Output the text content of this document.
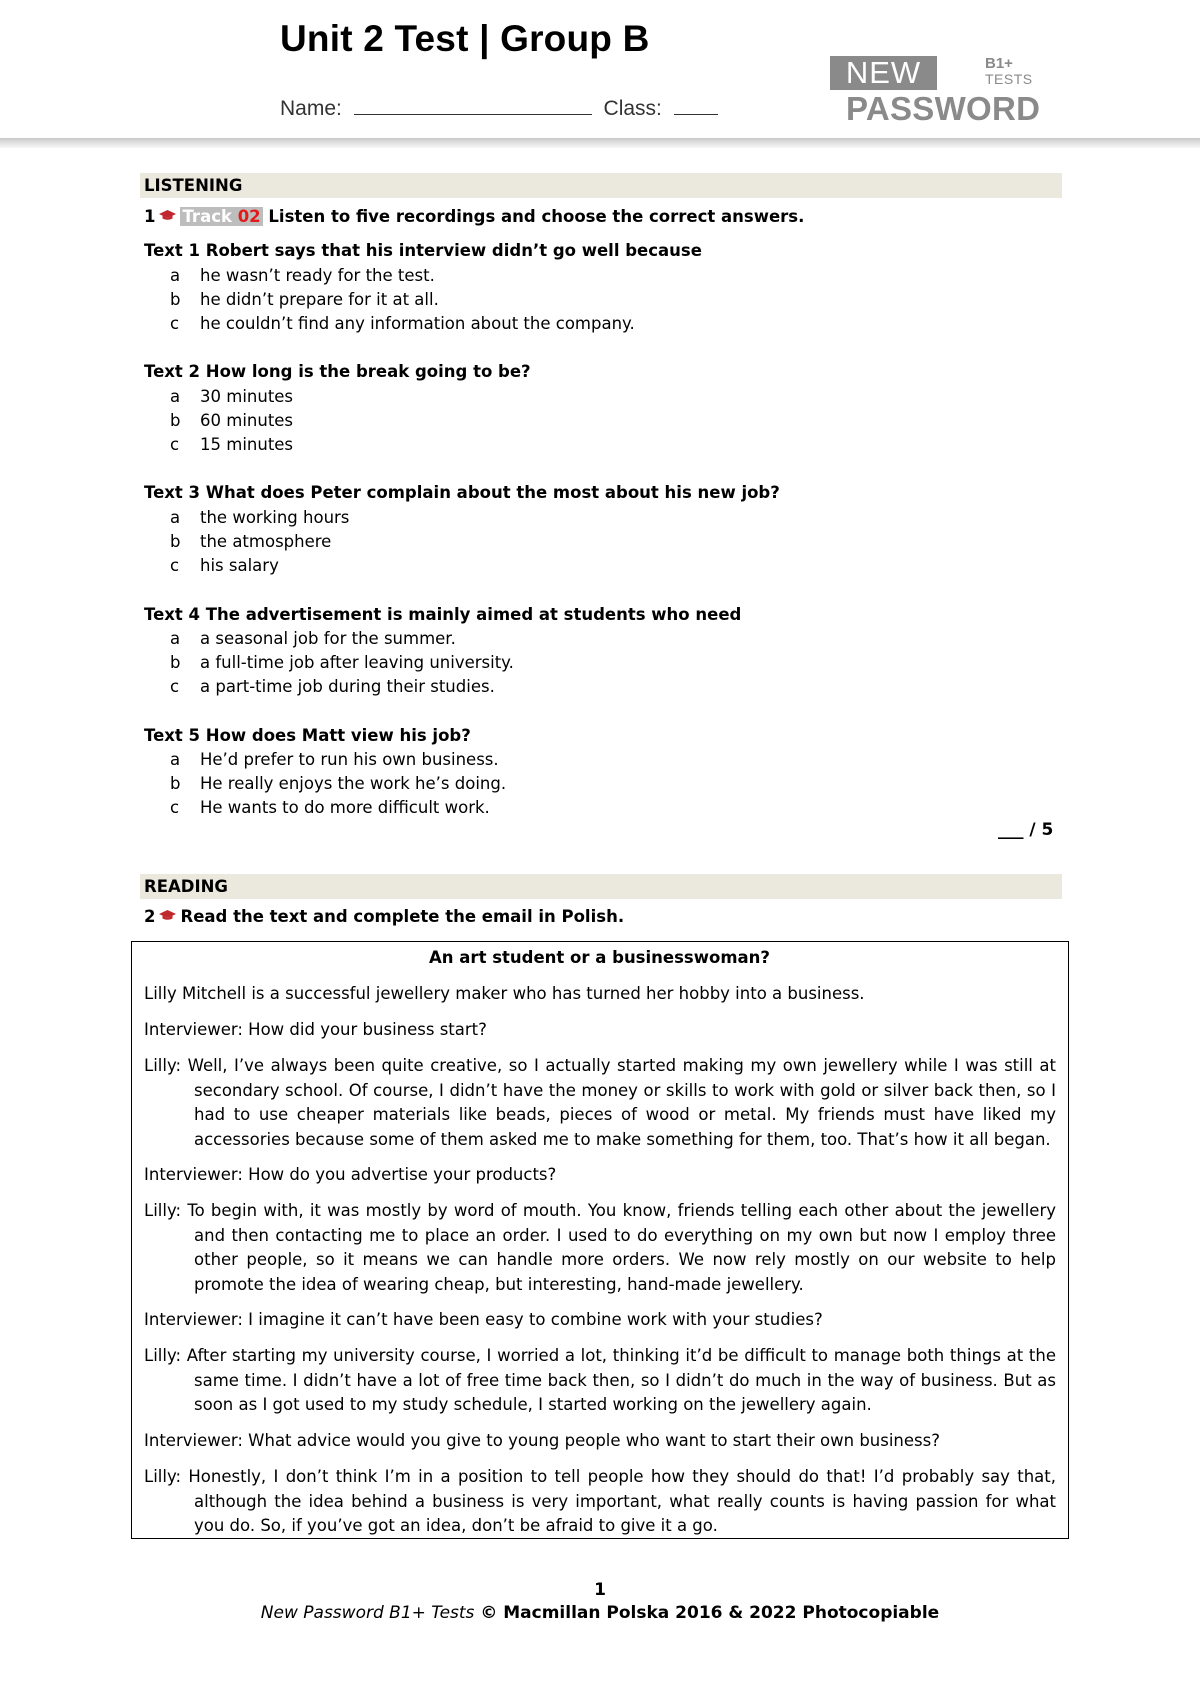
Unit 2 Test | Group B
Name:	Class:
NEW	B1+
TESTS
PASSWORD
LISTENING
1 Track 02 Listen to five recordings and choose the correct answers.
Text 1 Robert says that his interview didn’t go well because
a he wasn’t ready for the test.
b he didn’t prepare for it at all.
c he couldn’t find any information about the company.
Text 2 How long is the break going to be?
a 30 minutes
b 60 minutes
c 15 minutes
Text 3 What does Peter complain about the most about his new job?
a the working hours
b the atmosphere
c his salary
Text 4 The advertisement is mainly aimed at students who need
a a seasonal job for the summer.
b a full-time job after leaving university.
c a part-time job during their studies.
Text 5 How does Matt view his job?
a He’d prefer to run his own business.
b He really enjoys the work he’s doing.
c He wants to do more difficult work.
___ / 5
READING
2 Read the text and complete the email in Polish.
An art student or a businesswoman?
Lilly Mitchell is a successful jewellery maker who has turned her hobby into a business.
Interviewer: How did your business start?
Lilly: Well, I’ve always been quite creative, so I actually started making my own jewellery while I was still at secondary school. Of course, I didn’t have the money or skills to work with gold or silver back then, so I had to use cheaper materials like beads, pieces of wood or metal. My friends must have liked my accessories because some of them asked me to make something for them, too. That’s how it all began.
Interviewer: How do you advertise your products?
Lilly: To begin with, it was mostly by word of mouth. You know, friends telling each other about the jewellery and then contacting me to place an order. I used to do everything on my own but now I employ three other people, so it means we can handle more orders. We now rely mostly on our website to help promote the idea of wearing cheap, but interesting, hand-made jewellery.
Interviewer: I imagine it can’t have been easy to combine work with your studies?
Lilly: After starting my university course, I worried a lot, thinking it’d be difficult to manage both things at the same time. I didn’t have a lot of free time back then, so I didn’t do much in the way of business. But as soon as I got used to my study schedule, I started working on the jewellery again.
Interviewer: What advice would you give to young people who want to start their own business?
Lilly: Honestly, I don’t think I’m in a position to tell people how they should do that! I’d probably say that, although the idea behind a business is very important, what really counts is having passion for what you do. So, if you’ve got an idea, don’t be afraid to give it a go.
1
New Password B1+ Tests © Macmillan Polska 2016 & 2022 Photocopiable
